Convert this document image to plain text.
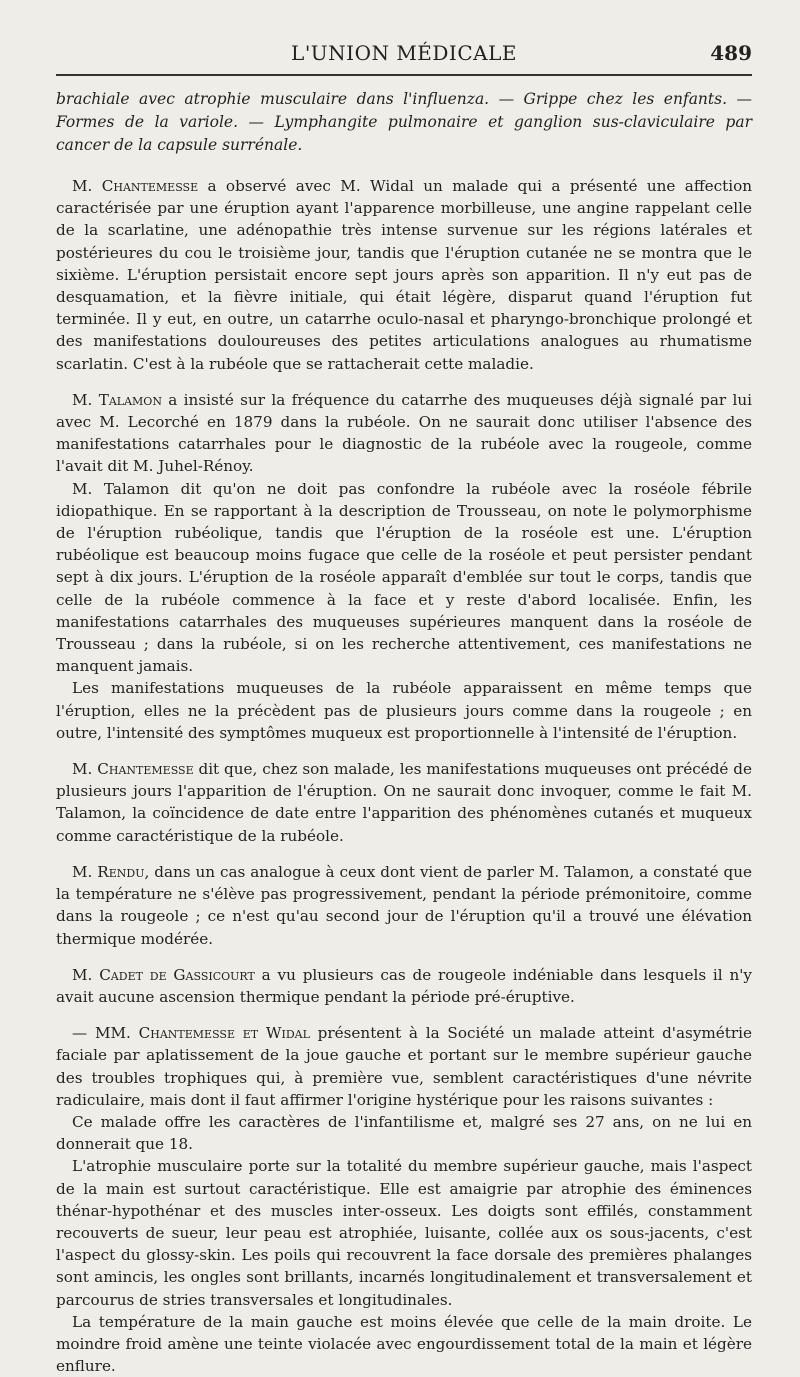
L'UNION MÉDICALE	489
brachiale avec atrophie musculaire dans l'influenza. — Grippe chez les enfants. — Formes de la variole. — Lymphangite pulmonaire et ganglion sus-claviculaire par cancer de la capsule surrénale.

M. Chantemesse a observé avec M. Widal un malade qui a présenté une affection caractérisée par une éruption ayant l'apparence morbilleuse, une angine rappelant celle de la scarlatine, une adénopathie très intense survenue sur les régions latérales et postérieures du cou le troisième jour, tandis que l'éruption cutanée ne se montra que le sixième. L'éruption persistait encore sept jours après son apparition. Il n'y eut pas de desquamation, et la fièvre initiale, qui était légère, disparut quand l'éruption fut terminée. Il y eut, en outre, un catarrhe oculo-nasal et pharyngo-bronchique prolongé et des manifestations douloureuses des petites articulations analogues au rhumatisme scarlatin. C'est à la rubéole que se rattacherait cette maladie.

M. Talamon a insisté sur la fréquence du catarrhe des muqueuses déjà signalé par lui avec M. Lecorché en 1879 dans la rubéole. On ne saurait donc utiliser l'absence des manifestations catarrhales pour le diagnostic de la rubéole avec la rougeole, comme l'avait dit M. Juhel-Rénoy.

M. Talamon dit qu'on ne doit pas confondre la rubéole avec la roséole fébrile idiopathique. En se rapportant à la description de Trousseau, on note le polymorphisme de l'éruption rubéolique, tandis que l'éruption de la roséole est une. L'éruption rubéolique est beaucoup moins fugace que celle de la roséole et peut persister pendant sept à dix jours. L'éruption de la roséole apparaît d'emblée sur tout le corps, tandis que celle de la rubéole commence à la face et y reste d'abord localisée. Enfin, les manifestations catarrhales des muqueuses supérieures manquent dans la roséole de Trousseau ; dans la rubéole, si on les recherche attentivement, ces manifestations ne manquent jamais.

Les manifestations muqueuses de la rubéole apparaissent en même temps que l'éruption, elles ne la précèdent pas de plusieurs jours comme dans la rougeole ; en outre, l'intensité des symptômes muqueux est proportionnelle à l'intensité de l'éruption.

M. Chantemesse dit que, chez son malade, les manifestations muqueuses ont précédé de plusieurs jours l'apparition de l'éruption. On ne saurait donc invoquer, comme le fait M. Talamon, la coïncidence de date entre l'apparition des phénomènes cutanés et muqueux comme caractéristique de la rubéole.

M. Rendu, dans un cas analogue à ceux dont vient de parler M. Talamon, a constaté que la température ne s'élève pas progressivement, pendant la période prémonitoire, comme dans la rougeole ; ce n'est qu'au second jour de l'éruption qu'il a trouvé une élévation thermique modérée.

M. Cadet de Gassicourt a vu plusieurs cas de rougeole indéniable dans lesquels il n'y avait aucune ascension thermique pendant la période pré-éruptive.

— MM. Chantemesse et Widal présentent à la Société un malade atteint d'asymétrie faciale par aplatissement de la joue gauche et portant sur le membre supérieur gauche des troubles trophiques qui, à première vue, semblent caractéristiques d'une névrite radiculaire, mais dont il faut affirmer l'origine hystérique pour les raisons suivantes :

Ce malade offre les caractères de l'infantilisme et, malgré ses 27 ans, on ne lui en donnerait que 18.

L'atrophie musculaire porte sur la totalité du membre supérieur gauche, mais l'aspect de la main est surtout caractéristique. Elle est amaigrie par atrophie des éminences thénar-hypothénar et des muscles inter-osseux. Les doigts sont effilés, constamment recouverts de sueur, leur peau est atrophiée, luisante, collée aux os sous-jacents, c'est l'aspect du glossy-skin. Les poils qui recouvrent la face dorsale des premières phalanges sont amincis, les ongles sont brillants, incarnés longitudinalement et transversalement et parcourus de stries transversales et longitudinales.

La température de la main gauche est moins élevée que celle de la main droite. Le moindre froid amène une teinte violacée avec engourdissement total de la main et légère enflure.
